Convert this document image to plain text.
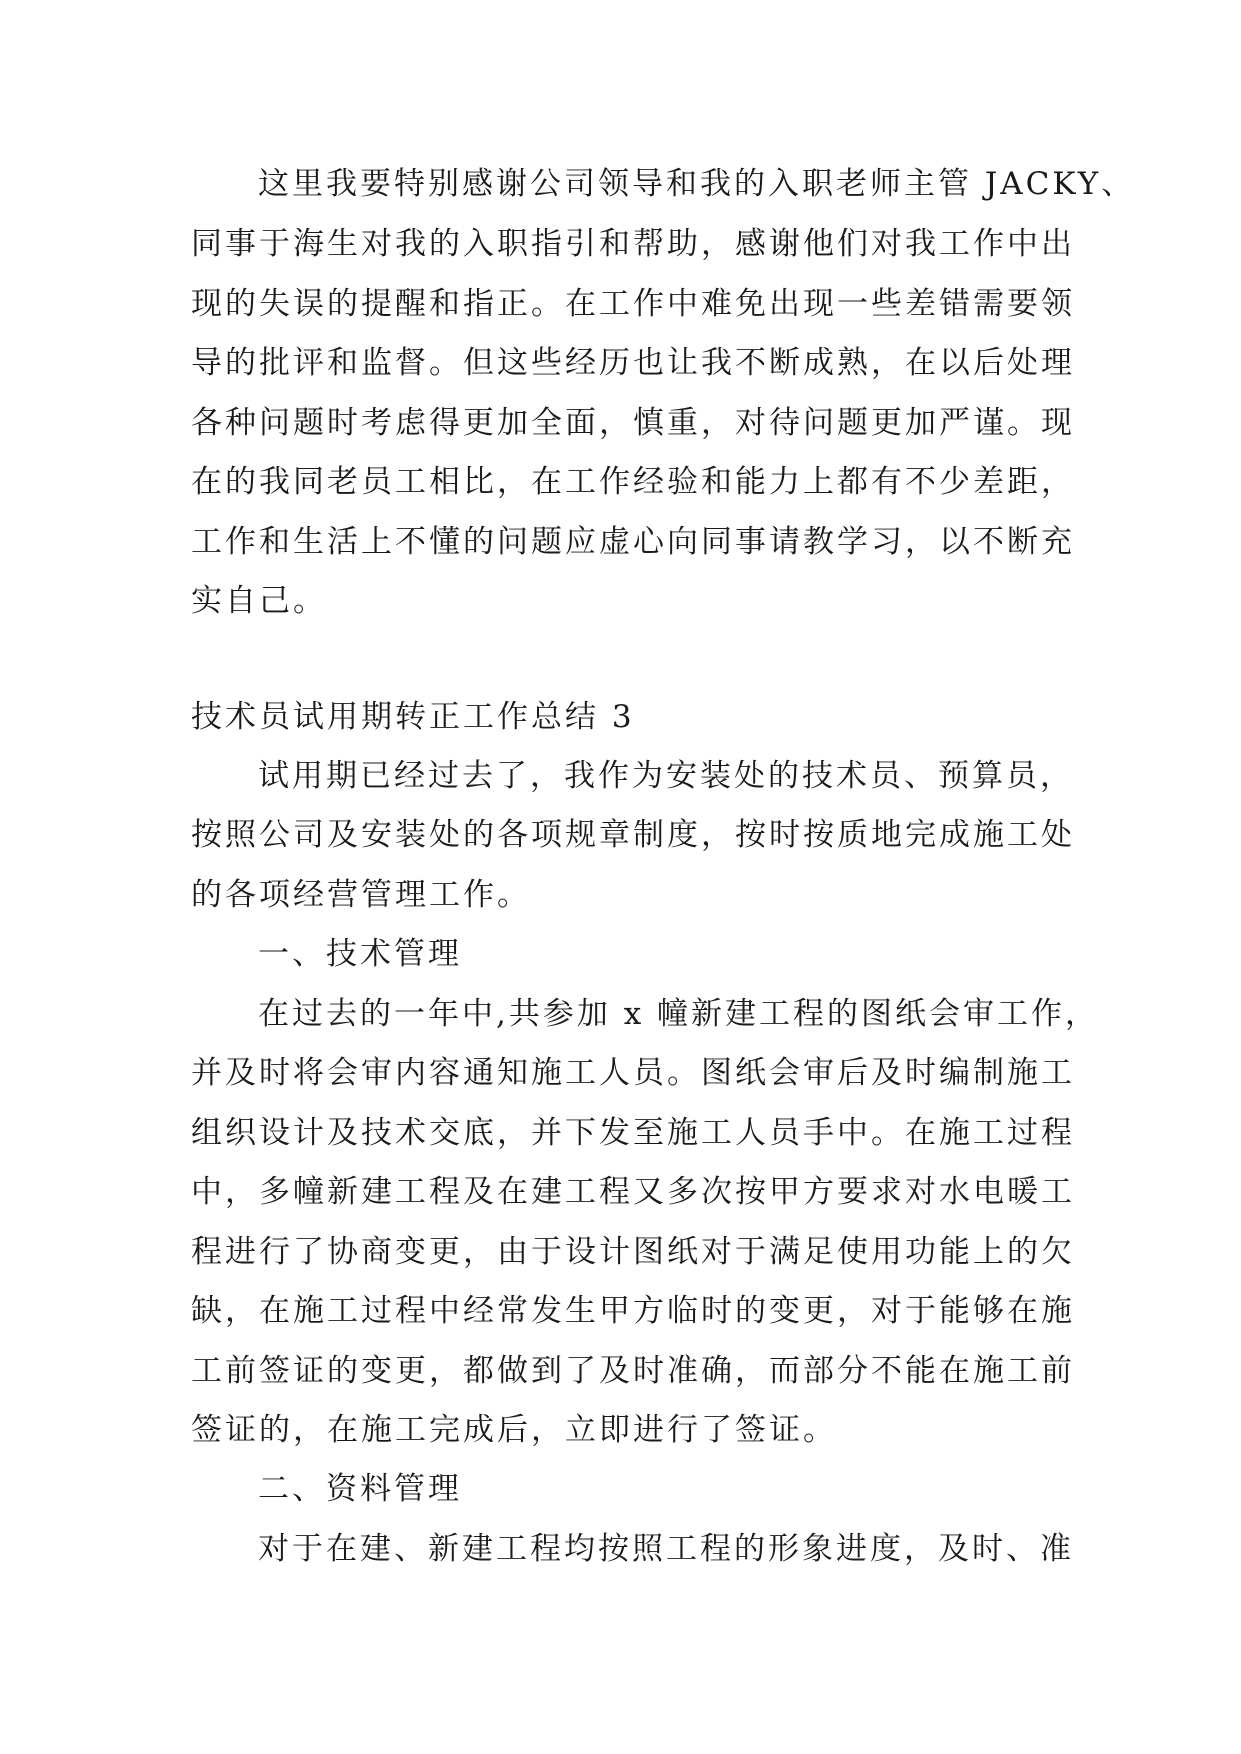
这里我要特别感谢公司领导和我的入职老师主管 JACKY、
同事于海生对我的入职指引和帮助，感谢他们对我工作中出
现的失误的提醒和指正。在工作中难免出现一些差错需要领
导的批评和监督。但这些经历也让我不断成熟，在以后处理
各种问题时考虑得更加全面，慎重，对待问题更加严谨。现
在的我同老员工相比，在工作经验和能力上都有不少差距，
工作和生活上不懂的问题应虚心向同事请教学习，以不断充
实自己。
技术员试用期转正工作总结 3
试用期已经过去了，我作为安装处的技术员、预算员，
按照公司及安装处的各项规章制度，按时按质地完成施工处
的各项经营管理工作。
一、技术管理
在过去的一年中,共参加 x 幢新建工程的图纸会审工作，
并及时将会审内容通知施工人员。图纸会审后及时编制施工
组织设计及技术交底，并下发至施工人员手中。在施工过程
中，多幢新建工程及在建工程又多次按甲方要求对水电暖工
程进行了协商变更，由于设计图纸对于满足使用功能上的欠
缺，在施工过程中经常发生甲方临时的变更，对于能够在施
工前签证的变更，都做到了及时准确，而部分不能在施工前
签证的，在施工完成后，立即进行了签证。
二、资料管理
对于在建、新建工程均按照工程的形象进度，及时、准
